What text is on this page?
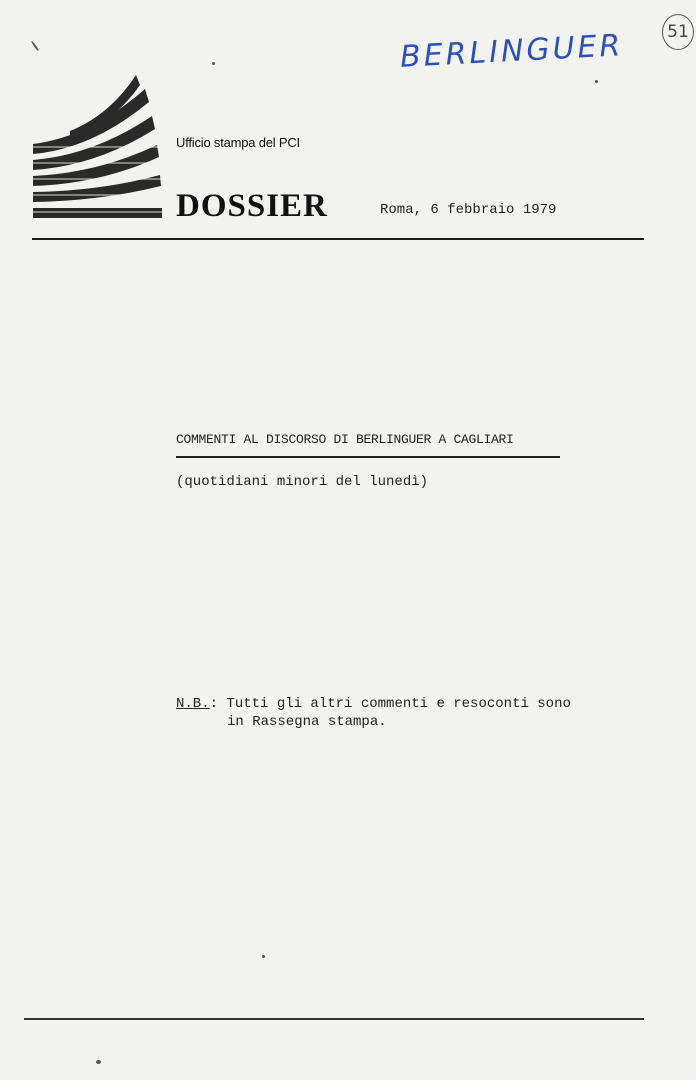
BERLINGUER	51
Ufficio stampa del PCI
DOSSIER	Roma, 6 febbraio 1979
COMMENTI AL DISCORSO DI BERLINGUER A CAGLIARI
(quotidiani minori del lunedì)
N.B.: Tutti gli altri commenti e resoconti sono
in Rassegna stampa.
